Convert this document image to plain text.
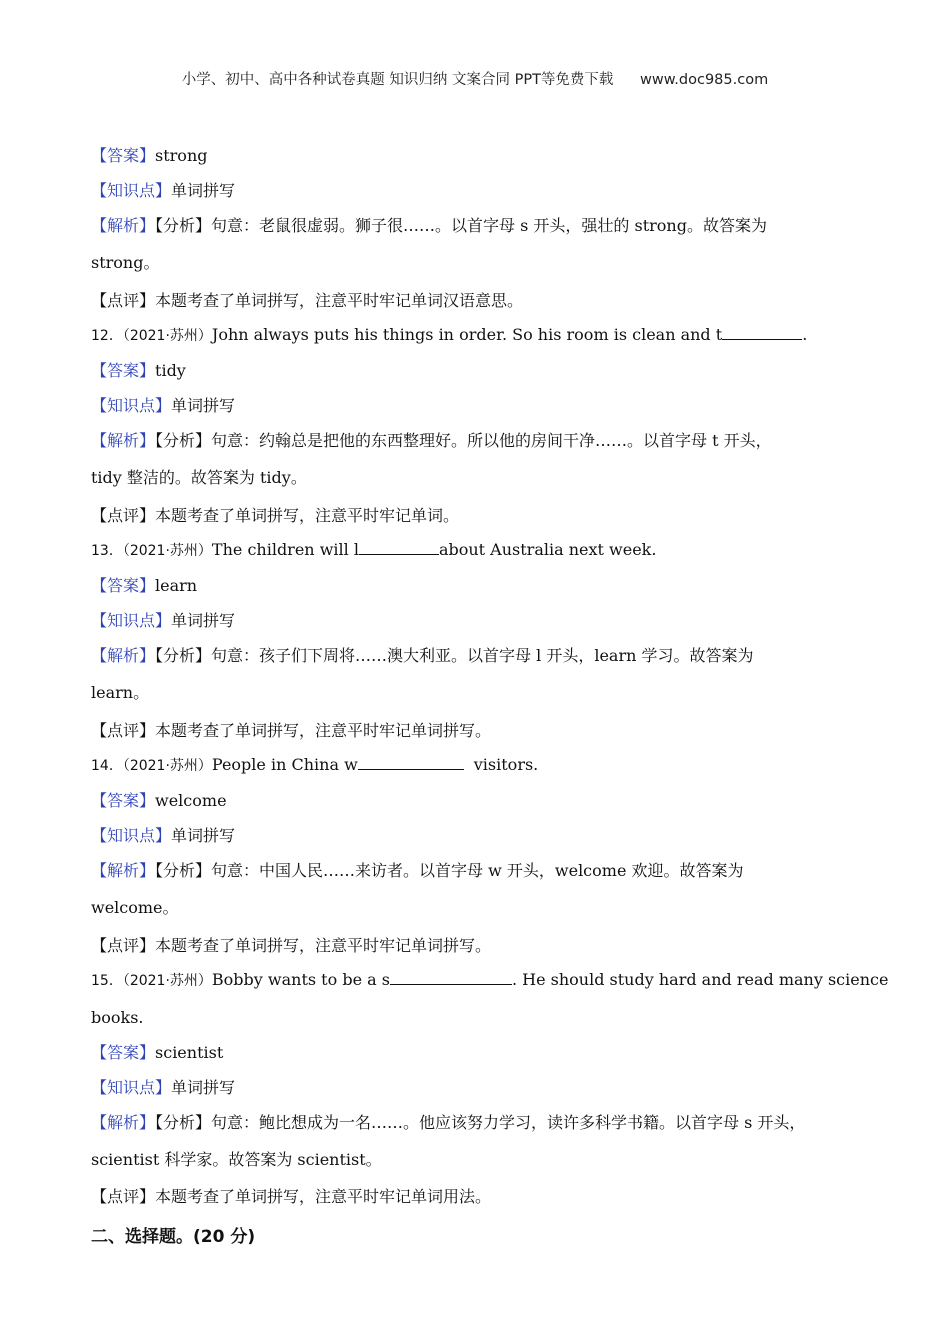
小学、初中、高中各种试卷真题 知识归纳 文案合同 PPT等免费下载 www.doc985.com
【答案】strong
【知识点】单词拼写
【解析】【分析】句意：老鼠很虚弱。狮子很……。以首字母 s 开头，强壮的 strong。故答案为
strong。
【点评】本题考查了单词拼写，注意平时牢记单词汉语意思。
12．（2021·苏州）John always puts his things in order. So his room is clean and t	.
【答案】tidy
【知识点】单词拼写
【解析】【分析】句意：约翰总是把他的东西整理好。所以他的房间干净……。以首字母 t 开头，
tidy 整洁的。故答案为 tidy。
【点评】本题考查了单词拼写，注意平时牢记单词。
13．（2021·苏州）The children will l	about Australia next week.
【答案】learn
【知识点】单词拼写
【解析】【分析】句意：孩子们下周将……澳大利亚。以首字母 l 开头，learn 学习。故答案为
learn。
【点评】本题考查了单词拼写，注意平时牢记单词拼写。
14．（2021·苏州）People in China w	visitors.
【答案】welcome
【知识点】单词拼写
【解析】【分析】句意：中国人民……来访者。以首字母 w 开头，welcome 欢迎。故答案为
welcome。
【点评】本题考查了单词拼写，注意平时牢记单词拼写。
15．（2021·苏州）Bobby wants to be a s	. He should study hard and read many science
books.
【答案】scientist
【知识点】单词拼写
【解析】【分析】句意：鲍比想成为一名……。他应该努力学习，读许多科学书籍。以首字母 s 开头，
scientist 科学家。故答案为 scientist。
【点评】本题考查了单词拼写，注意平时牢记单词用法。
二、选择题。(20 分)
